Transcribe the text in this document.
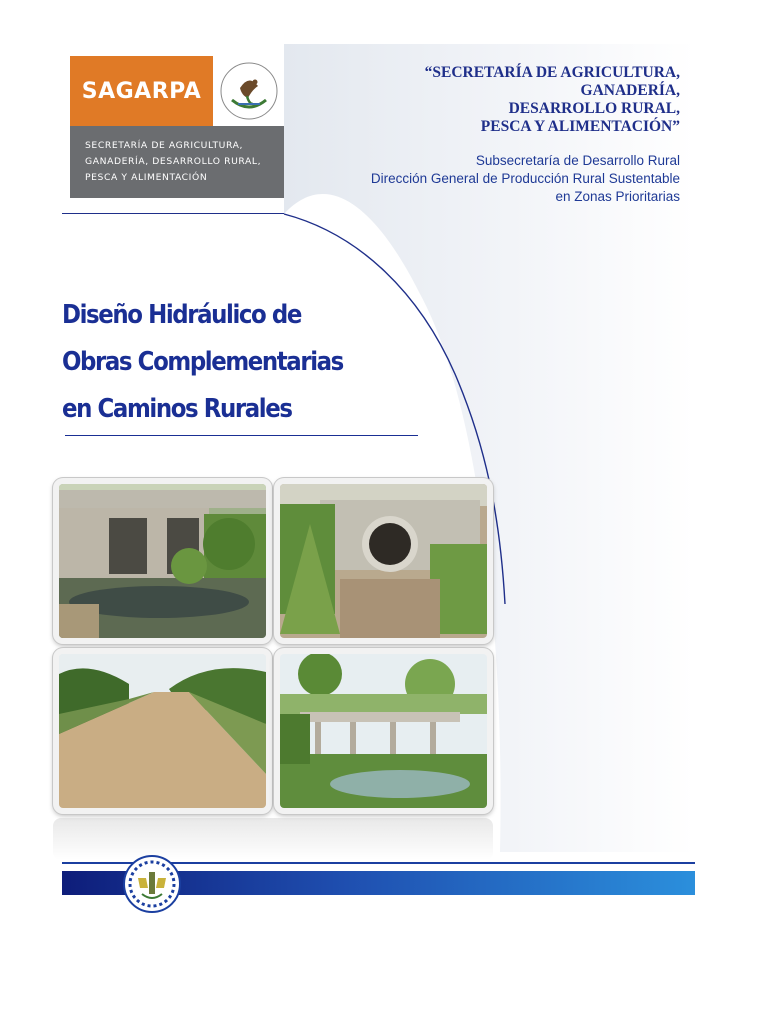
SAGARPA
SECRETARÍA DE AGRICULTURA,
GANADERÍA, DESARROLLO RURAL,
PESCA Y ALIMENTACIÓN
“SECRETARÍA DE AGRICULTURA,
GANADERÍA,
DESARROLLO RURAL,
PESCA Y ALIMENTACIÓN”
Subsecretaría de Desarrollo Rural
Dirección General de Producción Rural Sustentable
en Zonas Prioritarias
Diseño Hidráulico de
Obras Complementarias
en Caminos Rurales
